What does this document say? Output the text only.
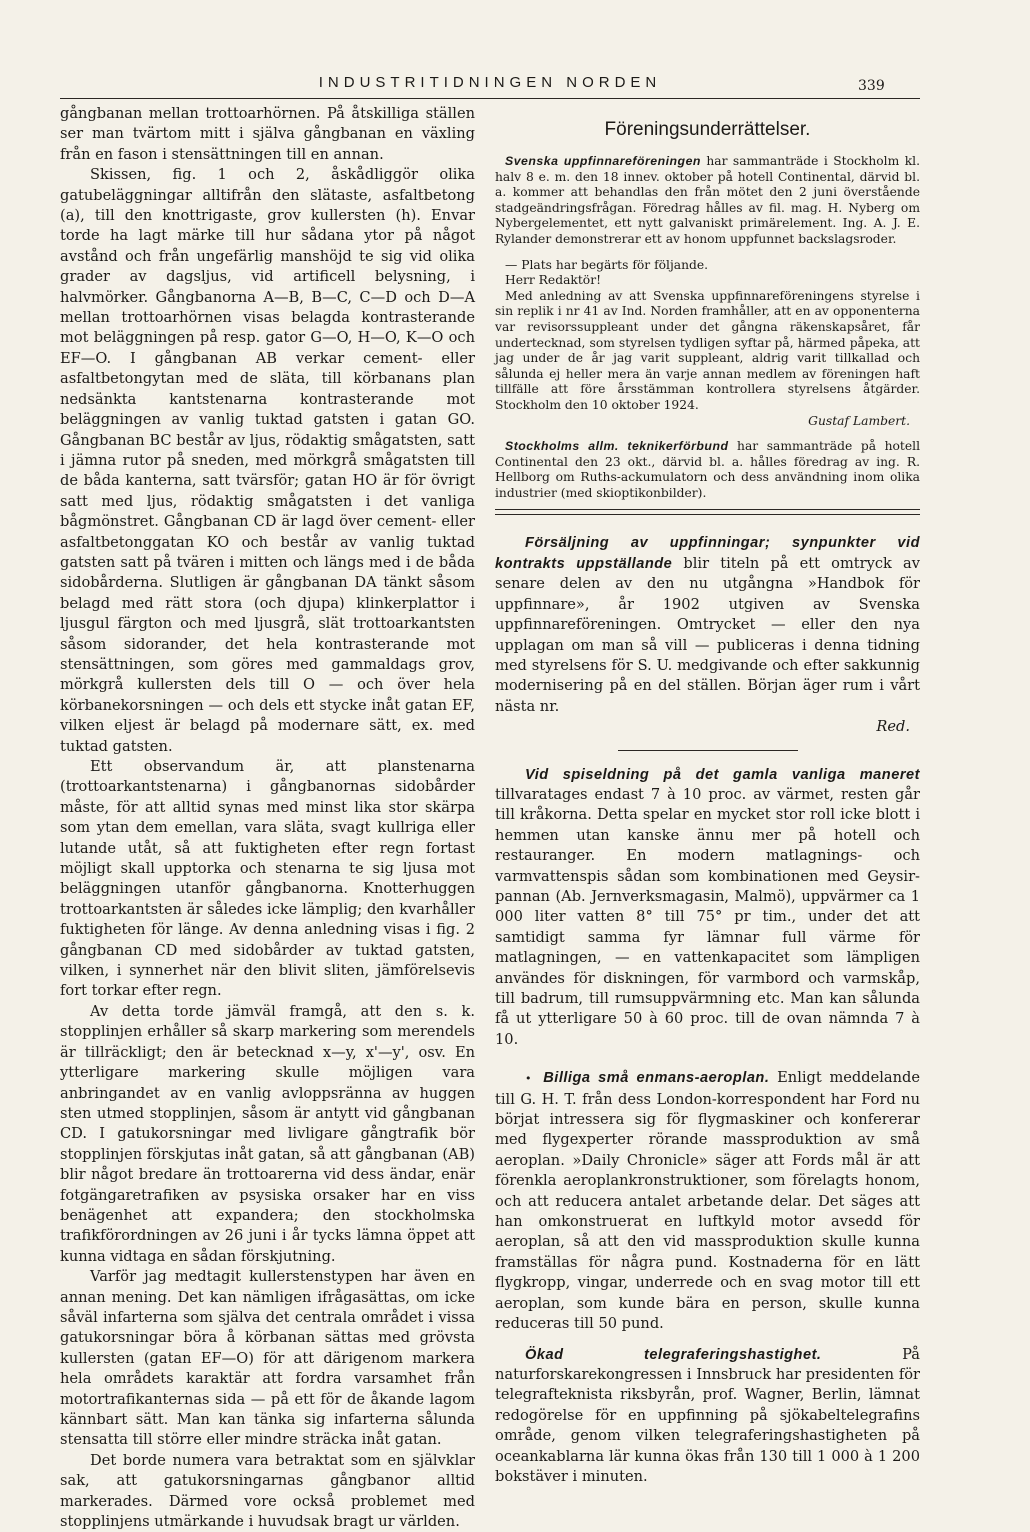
INDUSTRITIDNINGEN NORDEN	339

gångbanan mellan trottoarhörnen. På åtskilliga ställen ser man tvärtom mitt i själva gångbanan en växling från en fason i stensättningen till en annan.

Skissen, fig. 1 och 2, åskådliggör olika gatubeläggningar alltifrån den slätaste, asfaltbetong (a), till den knottrigaste, grov kullersten (h). Envar torde ha lagt märke till hur sådana ytor på något avstånd och från ungefärlig manshöjd te sig vid olika grader av dagsljus, vid artificell belysning, i halvmörker. Gångbanorna A—B, B—C, C—D och D—A mellan trottoarhörnen visas belagda kontrasterande mot beläggningen på resp. gator G—O, H—O, K—O och EF—O. I gångbanan AB verkar cement- eller asfaltbetongytan med de släta, till körbanans plan nedsänkta kantstenarna kontrasterande mot beläggningen av vanlig tuktad gatsten i gatan GO. Gångbanan BC består av ljus, rödaktig smågatsten, satt i jämna rutor på sneden, med mörkgrå smågatsten till de båda kanterna, satt tvärsför; gatan HO är för övrigt satt med ljus, rödaktig smågatsten i det vanliga bågmönstret. Gångbanan CD är lagd över cement- eller asfaltbetonggatan KO och består av vanlig tuktad gatsten satt på tvären i mitten och längs med i de båda sidobårderna. Slutligen är gångbanan DA tänkt såsom belagd med rätt stora (och djupa) klinkerplattor i ljusgul färgton och med ljusgrå, slät trottoarkantsten såsom sidorander, det hela kontrasterande mot stensättningen, som göres med gammaldags grov, mörkgrå kullersten dels till O — och över hela körbanekorsningen — och dels ett stycke inåt gatan EF, vilken eljest är belagd på modernare sätt, ex. med tuktad gatsten.

Ett observandum är, att planstenarna (trottoarkantstenarna) i gångbanornas sidobårder måste, för att alltid synas med minst lika stor skärpa som ytan dem emellan, vara släta, svagt kullriga eller lutande utåt, så att fuktigheten efter regn fortast möjligt skall upptorka och stenarna te sig ljusa mot beläggningen utanför gångbanorna. Knotterhuggen trottoarkantsten är således icke lämplig; den kvarhåller fuktigheten för länge. Av denna anledning visas i fig. 2 gångbanan CD med sidobårder av tuktad gatsten, vilken, i synnerhet när den blivit sliten, jämförelsevis fort torkar efter regn.

Av detta torde jämväl framgå, att den s. k. stopplinjen erhåller så skarp markering som merendels är tillräckligt; den är betecknad x—y, x'—y', osv. En ytterligare markering skulle möjligen vara anbringandet av en vanlig avloppsränna av huggen sten utmed stopplinjen, såsom är antytt vid gångbanan CD. I gatukorsningar med livligare gångtrafik bör stopplinjen förskjutas inåt gatan, så att gångbanan (AB) blir något bredare än trottoarerna vid dess ändar, enär fotgängaretrafiken av psysiska orsaker har en viss benägenhet att expandera; den stockholmska trafikförordningen av 26 juni i år tycks lämna öppet att kunna vidtaga en sådan förskjutning.

Varför jag medtagit kullerstenstypen har även en annan mening. Det kan nämligen ifrågasättas, om icke såväl infarterna som själva det centrala området i vissa gatukorsningar böra å körbanan sättas med grövsta kullersten (gatan EF—O) för att därigenom markera hela områdets karaktär att fordra varsamhet från motortrafikanternas sida — på ett för de åkande lagom kännbart sätt. Man kan tänka sig infarterna sålunda stensatta till större eller mindre sträcka inåt gatan.

Det borde numera vara betraktat som en självklar sak, att gatukorsningarnas gångbanor alltid markerades. Därmed vore också problemet med stopplinjens utmärkande i huvudsak bragt ur världen.

Föreningsunderrättelser.

Svenska uppfinnareföreningen har sammanträde i Stockholm kl. halv 8 e. m. den 18 innev. oktober på hotell Continental, därvid bl. a. kommer att behandlas den från mötet den 2 juni överstående stadgeändringsfrågan. Föredrag hålles av fil. mag. H. Nyberg om Nybergelementet, ett nytt galvaniskt primärelement. Ing. A. J. E. Rylander demonstrerar ett av honom uppfunnet backslagsroder.

— Plats har begärts för följande.

Herr Redaktör!

Med anledning av att Svenska uppfinnareföreningens styrelse i sin replik i nr 41 av Ind. Norden framhåller, att en av opponenterna var revisorssuppleant under det gångna räkenskapsåret, får undertecknad, som styrelsen tydligen syftar på, härmed påpeka, att jag under de år jag varit suppleant, aldrig varit tillkallad och sålunda ej heller mera än varje annan medlem av föreningen haft tillfälle att före årsstämman kontrollera styrelsens åtgärder. Stockholm den 10 oktober 1924.

Gustaf Lambert.

Stockholms allm. teknikerförbund har sammanträde på hotell Continental den 23 okt., därvid bl. a. hålles föredrag av ing. R. Hellborg om Ruths-ackumulatorn och dess användning inom olika industrier (med skioptikonbilder).

Försäljning av uppfinningar; synpunkter vid kontrakts uppställande blir titeln på ett omtryck av senare delen av den nu utgångna »Handbok för uppfinnare», år 1902 utgiven av Svenska uppfinnareföreningen. Omtrycket — eller den nya upplagan om man så vill — publiceras i denna tidning med styrelsens för S. U. medgivande och efter sakkunnig modernisering på en del ställen. Början äger rum i vårt nästa nr.

Red.

Vid spiseldning på det gamla vanliga maneret tillvaratages endast 7 à 10 proc. av värmet, resten går till kråkorna. Detta spelar en mycket stor roll icke blott i hemmen utan kanske ännu mer på hotell och restauranger. En modern matlagnings- och varmvattenspis sådan som kombinationen med Geysir-pannan (Ab. Jernverksmagasin, Malmö), uppvärmer ca 1 000 liter vatten 8° till 75° pr tim., under det att samtidigt samma fyr lämnar full värme för matlagningen, — en vattenkapacitet som lämpligen användes för diskningen, för varmbord och varmskåp, till badrum, till rumsuppvärmning etc. Man kan sålunda få ut ytterligare 50 à 60 proc. till de ovan nämnda 7 à 10.

• Billiga små enmans-aeroplan. Enligt meddelande till G. H. T. från dess London-korrespondent har Ford nu börjat intressera sig för flygmaskiner och konfererar med flygexperter rörande massproduktion av små aeroplan. »Daily Chronicle» säger att Fords mål är att förenkla aeroplankronstruktioner, som förelagts honom, och att reducera antalet arbetande delar. Det säges att han omkonstruerat en luftkyld motor avsedd för aeroplan, så att den vid massproduktion skulle kunna framställas för några pund. Kostnaderna för en lätt flygkropp, vingar, underrede och en svag motor till ett aeroplan, som kunde bära en person, skulle kunna reduceras till 50 pund.

Ökad telegraferingshastighet.	På naturforskarekongressen i Innsbruck har presidenten för telegrafteknista riksbyrån, prof. Wagner, Berlin, lämnat redogörelse för en uppfinning på sjökabeltelegrafins område, genom vilken telegraferingshastigheten på oceankablarna lär kunna ökas från 130 till 1 000 à 1 200 bokstäver i minuten.
